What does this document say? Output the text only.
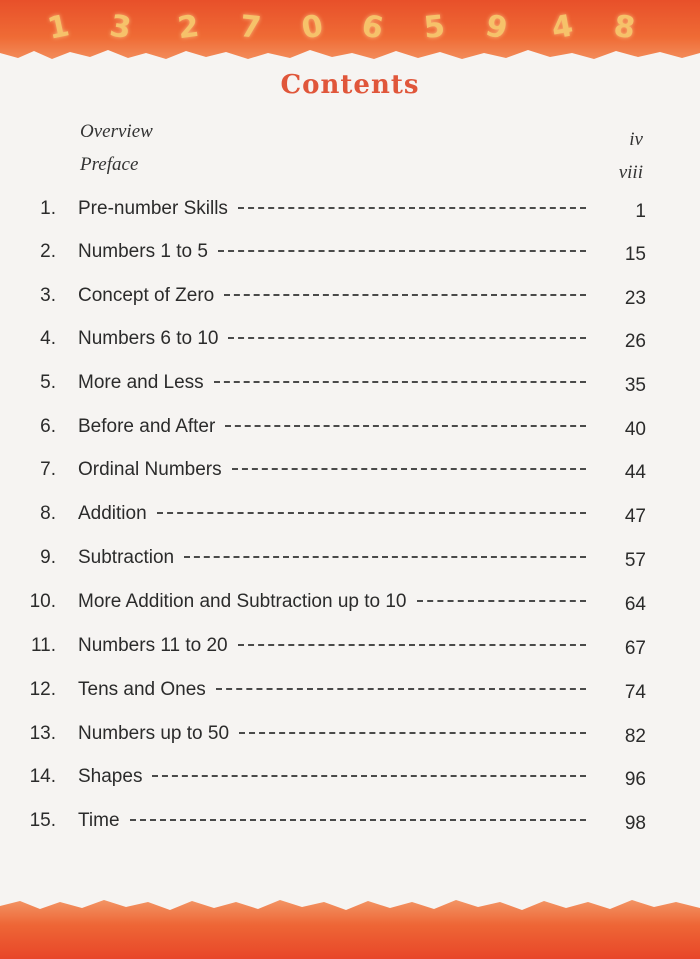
1 3 2 7 0 6 5 9 4 8
Contents
Overview	iv
Preface	viii
1. Pre-number Skills	1
2. Numbers 1 to 5	15
3. Concept of Zero	23
4. Numbers 6 to 10	26
5. More and Less	35
6. Before and After	40
7. Ordinal Numbers	44
8. Addition	47
9. Subtraction	57
10. More Addition and Subtraction up to 10	64
11. Numbers 11 to 20	67
12. Tens and Ones	74
13. Numbers up to 50	82
14. Shapes	96
15. Time	98
